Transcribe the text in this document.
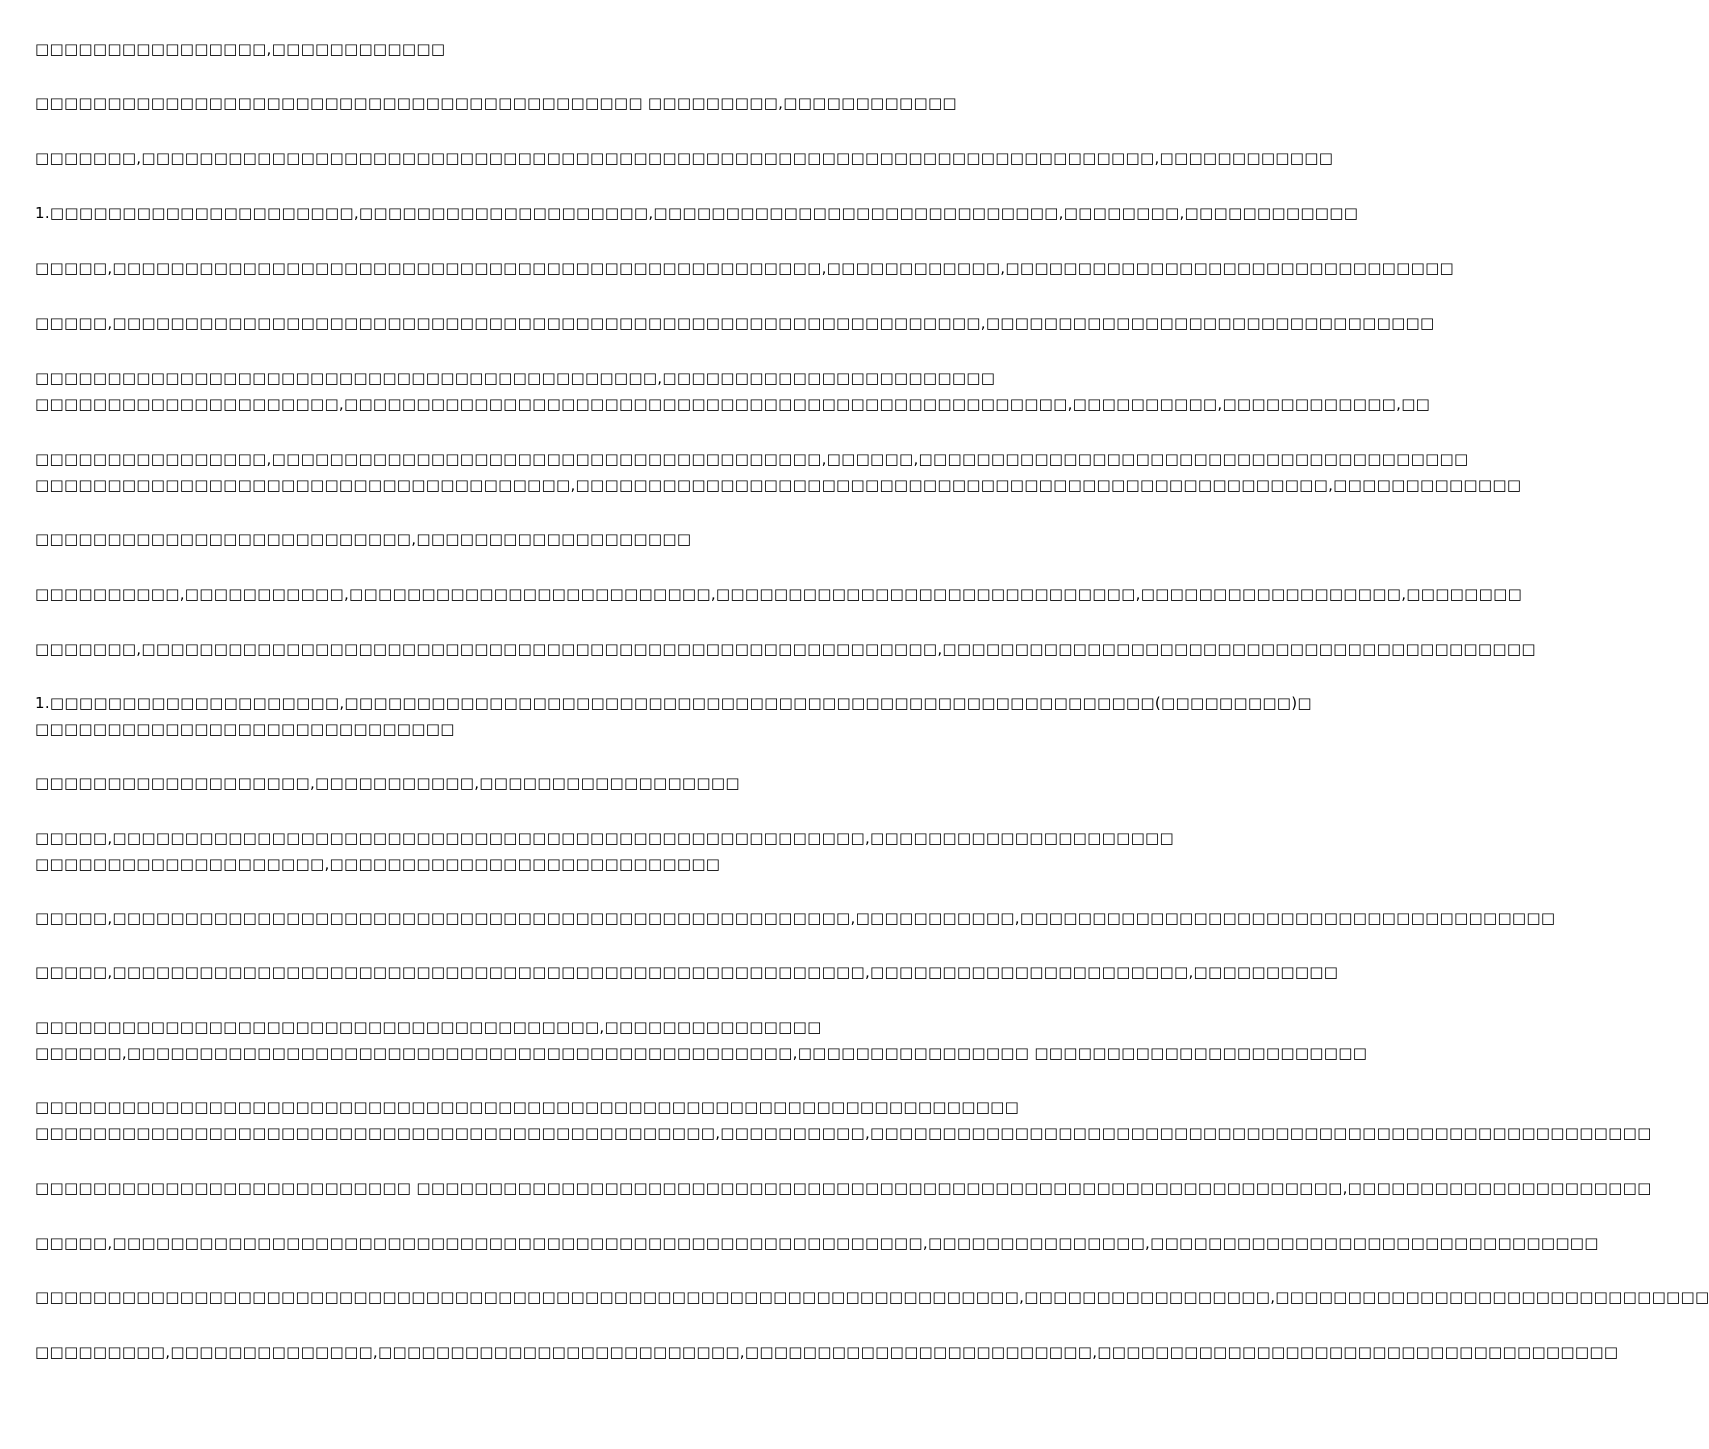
□□□□□□□□□□□□□□□□,□□□□□□□□□□□□
□□□□□□□□□□□□□□□□□□□□□□□□□□□□□□□□□□□□□□□□□□ □□□□□□□□□,□□□□□□□□□□□□
□□□□□□□,□□□□□□□□□□□□□□□□□□□□□□□□□□□□□□□□□□□□□□□□□□□□□□□□□□□□□□□□□□□□□□□□□□□□□□,□□□□□□□□□□□□
1.□□□□□□□□□□□□□□□□□□□□□,□□□□□□□□□□□□□□□□□□□□,□□□□□□□□□□□□□□□□□□□□□□□□□□□□,□□□□□□□□,□□□□□□□□□□□□
□□□□□,□□□□□□□□□□□□□□□□□□□□□□□□□□□□□□□□□□□□□□□□□□□□□□□□□,□□□□□□□□□□□□,□□□□□□□□□□□□□□□□□□□□□□□□□□□□□□□
□□□□□,□□□□□□□□□□□□□□□□□□□□□□□□□□□□□□□□□□□□□□□□□□□□□□□□□□□□□□□□□□□□,□□□□□□□□□□□□□□□□□□□□□□□□□□□□□□□
□□□□□□□□□□□□□□□□□□□□□□□□□□□□□□□□□□□□□□□□□□□,□□□□□□□□□□□□□□□□□□□□□□□
□□□□□□□□□□□□□□□□□□□□□,□□□□□□□□□□□□□□□□□□□□□□□□□□□□□□□□□□□□□□□□□□□□□□□□□□,□□□□□□□□□□,□□□□□□□□□□□□,□□
□□□□□□□□□□□□□□□□,□□□□□□□□□□□□□□□□□□□□□□□□□□□□□□□□□□□□□□,□□□□□□,□□□□□□□□□□□□□□□□□□□□□□□□□□□□□□□□□□□□□□
□□□□□□□□□□□□□□□□□□□□□□□□□□□□□□□□□□□□□,□□□□□□□□□□□□□□□□□□□□□□□□□□□□□□□□□□□□□□□□□□□□□□□□□□□□,□□□□□□□□□□□□□
□□□□□□□□□□□□□□□□□□□□□□□□□□,□□□□□□□□□□□□□□□□□□□
□□□□□□□□□□,□□□□□□□□□□□,□□□□□□□□□□□□□□□□□□□□□□□□□,□□□□□□□□□□□□□□□□□□□□□□□□□□□□□,□□□□□□□□□□□□□□□□□□,□□□□□□□□
□□□□□□□,□□□□□□□□□□□□□□□□□□□□□□□□□□□□□□□□□□□□□□□□□□□□□□□□□□□□□□□,□□□□□□□□□□□□□□□□□□□□□□□□□□□□□□□□□□□□□□□□□
1.□□□□□□□□□□□□□□□□□□□□,□□□□□□□□□□□□□□□□□□□□□□□□□□□□□□□□□□□□□□□□□□□□□□□□□□□□□□□□(□□□□□□□□□)□
□□□□□□□□□□□□□□□□□□□□□□□□□□□□□
□□□□□□□□□□□□□□□□□□□,□□□□□□□□□□□,□□□□□□□□□□□□□□□□□□
□□□□□,□□□□□□□□□□□□□□□□□□□□□□□□□□□□□□□□□□□□□□□□□□□□□□□□□□□□,□□□□□□□□□□□□□□□□□□□□□
□□□□□□□□□□□□□□□□□□□□,□□□□□□□□□□□□□□□□□□□□□□□□□□□
□□□□□,□□□□□□□□□□□□□□□□□□□□□□□□□□□□□□□□□□□□□□□□□□□□□□□□□□□,□□□□□□□□□□□,□□□□□□□□□□□□□□□□□□□□□□□□□□□□□□□□□□□□□
□□□□□,□□□□□□□□□□□□□□□□□□□□□□□□□□□□□□□□□□□□□□□□□□□□□□□□□□□□,□□□□□□□□□□□□□□□□□□□□□□,□□□□□□□□□□
□□□□□□□□□□□□□□□□□□□□□□□□□□□□□□□□□□□□□□□,□□□□□□□□□□□□□□□
□□□□□□,□□□□□□□□□□□□□□□□□□□□□□□□□□□□□□□□□□□□□□□□□□□□□□,□□□□□□□□□□□□□□□□ □□□□□□□□□□□□□□□□□□□□□□□
□□□□□□□□□□□□□□□□□□□□□□□□□□□□□□□□□□□□□□□□□□□□□□□□□□□□□□□□□□□□□□□□□□□□
□□□□□□□□□□□□□□□□□□□□□□□□□□□□□□□□□□□□□□□□□□□□□□□,□□□□□□□□□□,□□□□□□□□□□□□□□□□□□□□□□□□□□□□□□□□□□□□□□□□□□□□□□□□□□□□□□
□□□□□□□□□□□□□□□□□□□□□□□□□□ □□□□□□□□□□□□□□□□□□□□□□□□□□□□□□□□□□□□□□□□□□□□□□□□□□□□□□□□□□□□□□□□,□□□□□□□□□□□□□□□□□□□□□
□□□□□,□□□□□□□□□□□□□□□□□□□□□□□□□□□□□□□□□□□□□□□□□□□□□□□□□□□□□□□□,□□□□□□□□□□□□□□□,□□□□□□□□□□□□□□□□□□□□□□□□□□□□□□□
□□□□□□□□□□□□□□□□□□□□□□□□□□□□□□□□□□□□□□□□□□□□□□□□□□□□□□□□□□□□□□□□□□□□,□□□□□□□□□□□□□□□□□,□□□□□□□□□□□□□□□□□□□□□□□□□□□□□□
□□□□□□□□□,□□□□□□□□□□□□□□,□□□□□□□□□□□□□□□□□□□□□□□□□,□□□□□□□□□□□□□□□□□□□□□□□□,□□□□□□□□□□□□□□□□□□□□□□□□□□□□□□□□□□□□
